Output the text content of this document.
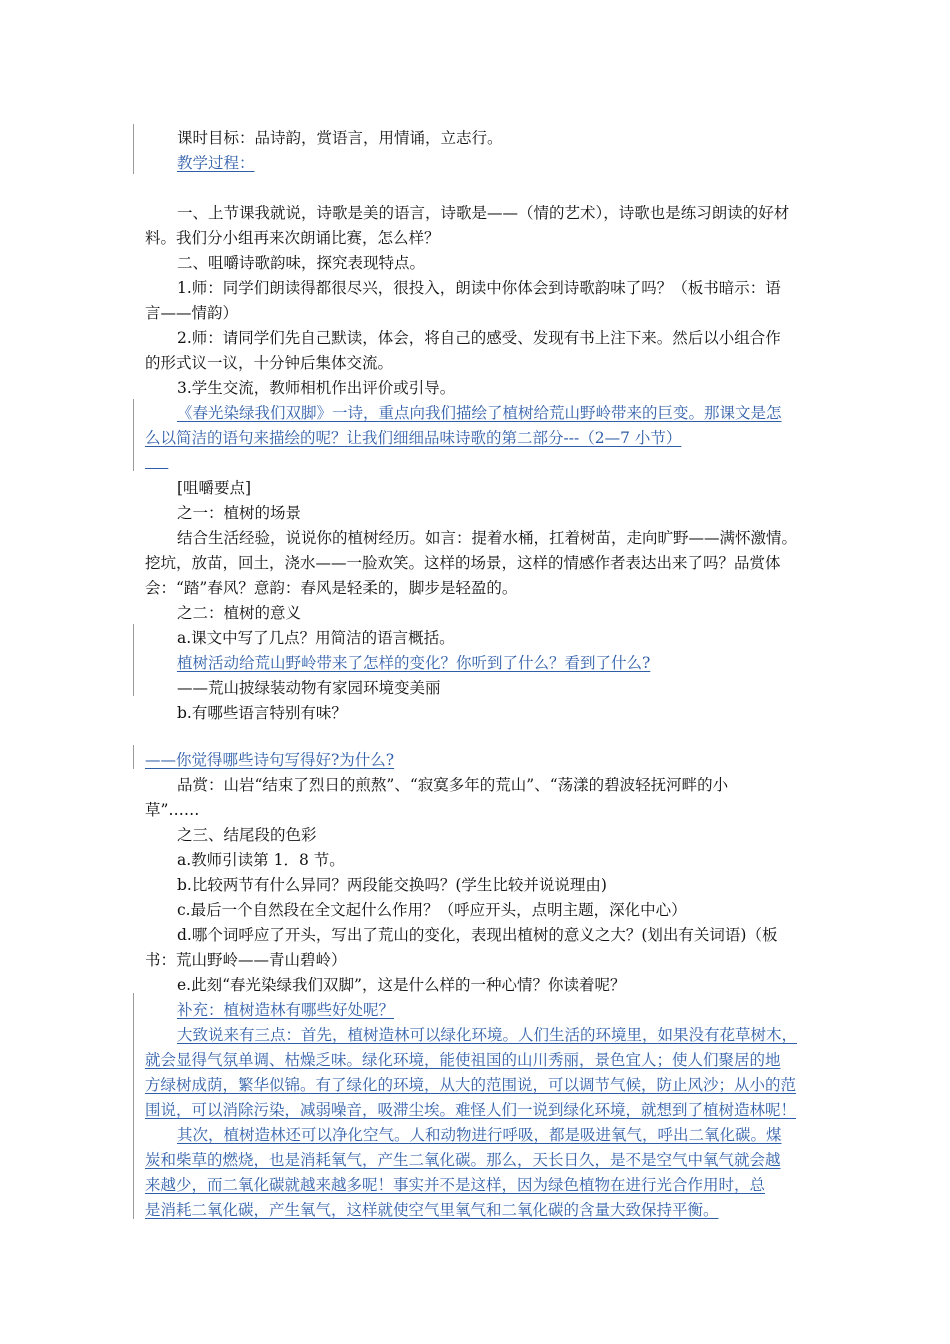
课时目标：品诗韵，赏语言，用情诵，立志行。
教学过程：
一、上节课我就说，诗歌是美的语言，诗歌是——（情的艺术），诗歌也是练习朗读的好材
料。我们分小组再来次朗诵比赛，怎么样？
二、咀嚼诗歌韵味，探究表现特点。
1.师：同学们朗读得都很尽兴，很投入，朗读中你体会到诗歌韵味了吗？（板书暗示：语
言——情韵）
2.师：请同学们先自己默读，体会，将自己的感受、发现有书上注下来。然后以小组合作
的形式议一议，十分钟后集体交流。
3.学生交流，教师相机作出评价或引导。
《春光染绿我们双脚》一诗，重点向我们描绘了植树给荒山野岭带来的巨变。那课文是怎
么以简洁的语句来描绘的呢？让我们细细品味诗歌的第二部分---（2—7 小节）
___
[咀嚼要点]
之一：植树的场景
结合生活经验，说说你的植树经历。如言：提着水桶，扛着树苗，走向旷野——满怀激情。
挖坑，放苗，回土，浇水——一脸欢笑。这样的场景，这样的情感作者表达出来了吗？品赏体
会：“踏”春风？意韵：春风是轻柔的，脚步是轻盈的。
之二：植树的意义
a.课文中写了几点？用简洁的语言概括。
植树活动给荒山野岭带来了怎样的变化？你听到了什么？看到了什么?
——荒山披绿装动物有家园环境变美丽
b.有哪些语言特别有味？
——你觉得哪些诗句写得好?为什么?
品赏：山岩“结束了烈日的煎熬”、“寂寞多年的荒山”、“荡漾的碧波轻抚河畔的小
草”……
之三、结尾段的色彩
a.教师引读第 1．8 节。
b.比较两节有什么异同？两段能交换吗？(学生比较并说说理由)
c.最后一个自然段在全文起什么作用？（呼应开头，点明主题，深化中心）
d.哪个词呼应了开头，写出了荒山的变化，表现出植树的意义之大？(划出有关词语)（板
书：荒山野岭——青山碧岭）
e.此刻“春光染绿我们双脚”，这是什么样的一种心情？你读着呢？
补充：植树造林有哪些好处呢？
大致说来有三点：首先，植树造林可以绿化环境。人们生活的环境里，如果没有花草树木，
就会显得气氛单调、枯燥乏味。绿化环境，能使祖国的山川秀丽，景色宜人；使人们聚居的地
方绿树成荫，繁华似锦。有了绿化的环境，从大的范围说，可以调节气候，防止风沙；从小的范
围说，可以消除污染，减弱噪音，吸滞尘埃。难怪人们一说到绿化环境，就想到了植树造林呢！
其次，植树造林还可以净化空气。人和动物进行呼吸，都是吸进氧气，呼出二氧化碳。煤
炭和柴草的燃烧，也是消耗氧气，产生二氧化碳。那么，天长日久，是不是空气中氧气就会越
来越少，而二氧化碳就越来越多呢！事实并不是这样，因为绿色植物在进行光合作用时，总
是消耗二氧化碳，产生氧气，这样就使空气里氧气和二氧化碳的含量大致保持平衡。
